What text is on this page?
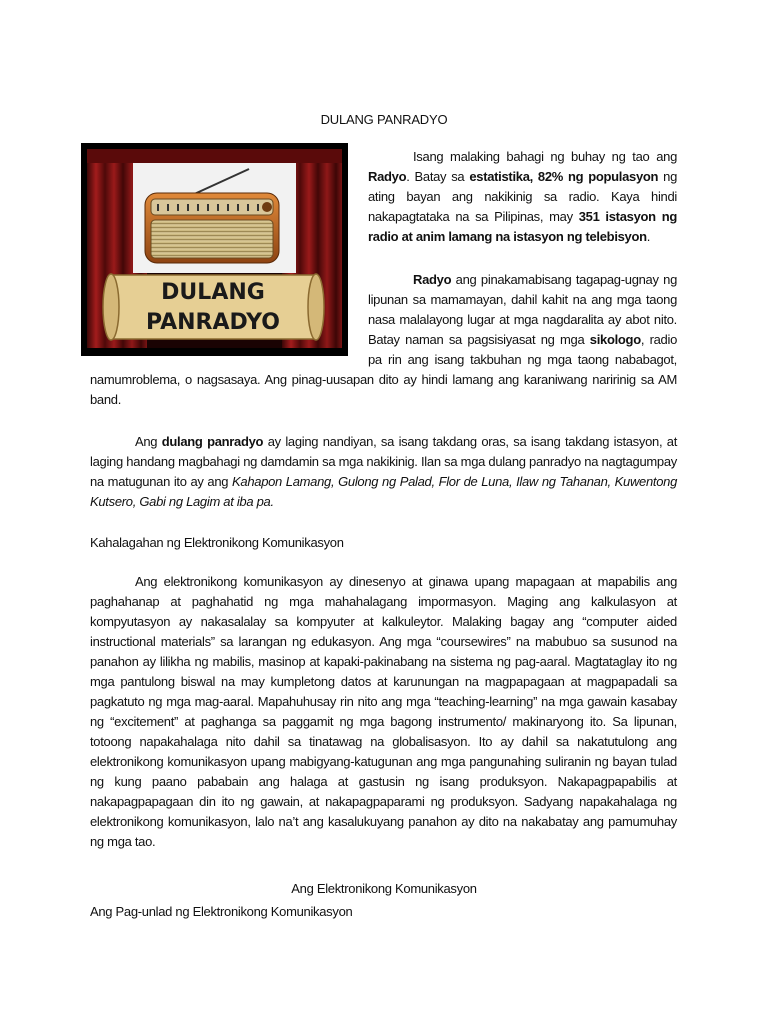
DULANG PANRADYO
DULANG
PANRADYO
Isang malaking bahagi ng buhay ng tao ang Radyo. Batay sa estatistika, 82% ng populasyon ng ating bayan ang nakikinig sa radio. Kaya hindi nakapagtataka na sa Pilipinas, may 351 istasyon ng radio at anim lamang na istasyon ng telebisyon.
Radyo ang pinakamabisang tagapag-ugnay ng lipunan sa mamamayan, dahil kahit na ang mga taong nasa malalayong lugar at mga nagdaralita ay abot nito. Batay naman sa pagsisiyasat ng mga sikologo, radio pa rin ang isang takbuhan ng mga taong nababagot, namumroblema, o nagsasaya. Ang pinag-uusapan dito ay hindi lamang ang karaniwang naririnig sa AM band.
Ang dulang panradyo ay laging nandiyan, sa isang takdang oras, sa isang takdang istasyon, at laging handang magbahagi ng damdamin sa mga nakikinig. Ilan sa mga dulang panradyo na nagtagumpay na matugunan ito ay ang Kahapon Lamang, Gulong ng Palad, Flor de Luna, Ilaw ng Tahanan, Kuwentong Kutsero, Gabi ng Lagim at iba pa.
Kahalagahan ng Elektronikong Komunikasyon
Ang elektronikong komunikasyon ay dinesenyo at ginawa upang mapagaan at mapabilis ang paghahanap at paghahatid ng mga mahahalagang impormasyon. Maging ang kalkulasyon at kompyutasyon ay nakasalalay sa kompyuter at kalkuleytor. Malaking bagay ang “computer aided instructional materials” sa larangan ng edukasyon. Ang mga “coursewires” na mabubuo sa susunod na panahon ay lilikha ng mabilis, masinop at kapaki-pakinabang na sistema ng pag-aaral. Magtataglay ito ng mga pantulong biswal na may kumpletong datos at karunungan na magpapagaan at magpapadali sa pagkatuto ng mga mag-aaral. Mapahuhusay rin nito ang mga “teaching-learning” na mga gawain kasabay ng “excitement” at paghanga sa paggamit ng mga bagong instrumento/ makinaryong ito. Sa lipunan, totoong napakahalaga nito dahil sa tinatawag na globalisasyon. Ito ay dahil sa nakatutulong ang elektronikong komunikasyon upang mabigyang-katugunan ang mga pangunahing suliranin ng bayan tulad ng kung paano pababain ang halaga at gastusin ng isang produksyon. Nakapagpapabilis at nakapagpapagaan din ito ng gawain, at nakapagpaparami ng produksyon. Sadyang napakahalaga ng elektronikong komunikasyon, lalo na’t ang kasalukuyang panahon ay dito na nakabatay ang pamumuhay ng mga tao.
Ang Elektronikong Komunikasyon
Ang Pag-unlad ng Elektronikong Komunikasyon
